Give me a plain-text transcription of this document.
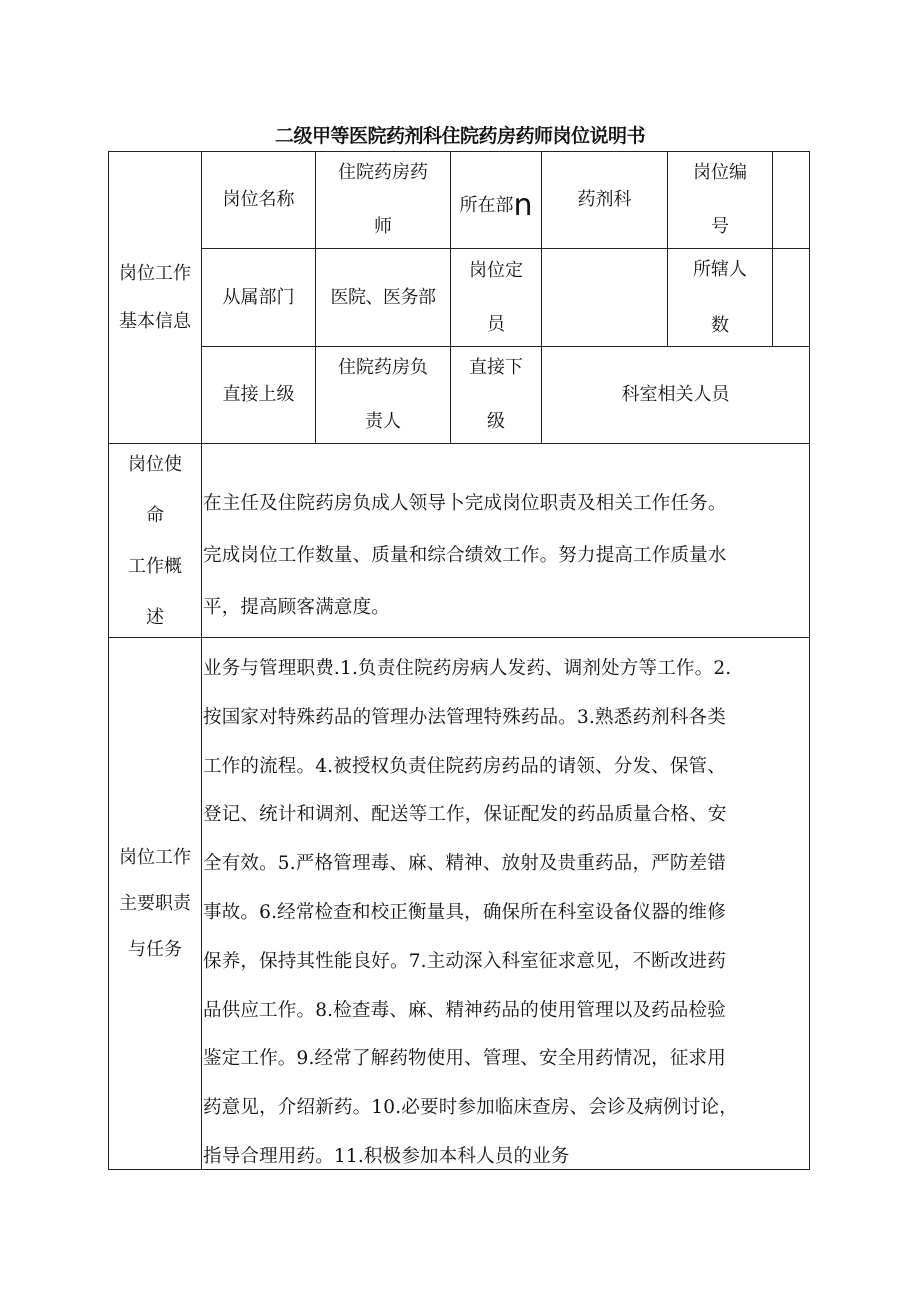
二级甲等医院药剂科住院药房药师岗位说明书
岗位工作
基本信息
岗位名称
住院药房药
师
所在部 n	药剂科
岗位编
号
从属部门	医院、医务部
岗位定
员
所辖人
数
直接上级
住院药房负
责人
直接下
级
科室相关人员
岗位使
命
工作概
述
在主任及住院药房负成人领导卜完成岗位职责及相关工作任务。
完成岗位工作数量、质量和综合绩效工作。努力提高工作质量水
平，提高顾客满意度。
岗位工作
主要职责
与任务
业务与管理职费.1.负责住院药房病人发药、调剂处方等工作。2.
按国家对特殊药品的管理办法管理特殊药品。3.熟悉药剂科各类
工作的流程。4.被授权负责住院药房药品的请领、分发、保管、
登记、统计和调剂、配送等工作，保证配发的药品质量合格、安
全有效。5.严格管理毒、麻、精神、放射及贵重药品，严防差错
事故。6.经常检查和校正衡量具，确保所在科室设备仪器的维修
保养，保持其性能良好。7.主动深入科室征求意见，不断改进药
品供应工作。8.检查毒、麻、精神药品的使用管理以及药品检验
鉴定工作。9.经常了解药物使用、管理、安全用药情况，征求用
药意见，介绍新药。10.必要时参加临床查房、会诊及病例讨论，
指导合理用药。11.积极参加本科人员的业务
